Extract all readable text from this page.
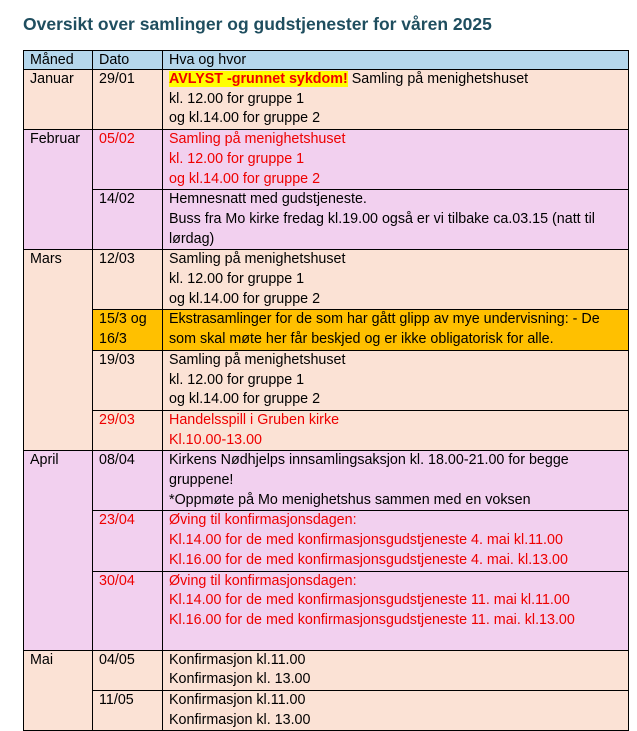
Oversikt over samlinger og gudstjenester for våren 2025
Måned	Dato	Hva og hvor
Januar	29/01	AVLYST -grunnet sykdom! Samling på menighetshuset
kl. 12.00 for gruppe 1
og kl.14.00 for gruppe 2

Februar	05/02	Samling på menighetshuset
kl. 12.00 for gruppe 1
og kl.14.00 for gruppe 2

	14/02	Hemnesnatt med gudstjeneste.
Buss fra Mo kirke fredag kl.19.00 også er vi tilbake ca.03.15 (natt til lørdag)

Mars	12/03	Samling på menighetshuset
kl. 12.00 for gruppe 1
og kl.14.00 for gruppe 2

	15/3 og 16/3	Ekstrasamlinger for de som har gått glipp av mye undervisning: - De som skal møte her får beskjed og er ikke obligatorisk for alle.

	19/03	Samling på menighetshuset
kl. 12.00 for gruppe 1
og kl.14.00 for gruppe 2

	29/03	Handelsspill i Gruben kirke
Kl.10.00-13.00

April	08/04	Kirkens Nødhjelps innsamlingsaksjon kl. 18.00-21.00 for begge gruppene!
*Oppmøte på Mo menighetshus sammen med en voksen

	23/04	Øving til konfirmasjonsdagen:
Kl.14.00 for de med konfirmasjonsgudstjeneste 4. mai kl.11.00
Kl.16.00 for de med konfirmasjonsgudstjeneste 4. mai. kl.13.00

	30/04	Øving til konfirmasjonsdagen:
Kl.14.00 for de med konfirmasjonsgudstjeneste 11. mai kl.11.00
Kl.16.00 for de med konfirmasjonsgudstjeneste 11. mai. kl.13.00

Mai	04/05	Konfirmasjon kl.11.00
Konfirmasjon kl. 13.00

	11/05	Konfirmasjon kl.11.00
Konfirmasjon kl. 13.00
